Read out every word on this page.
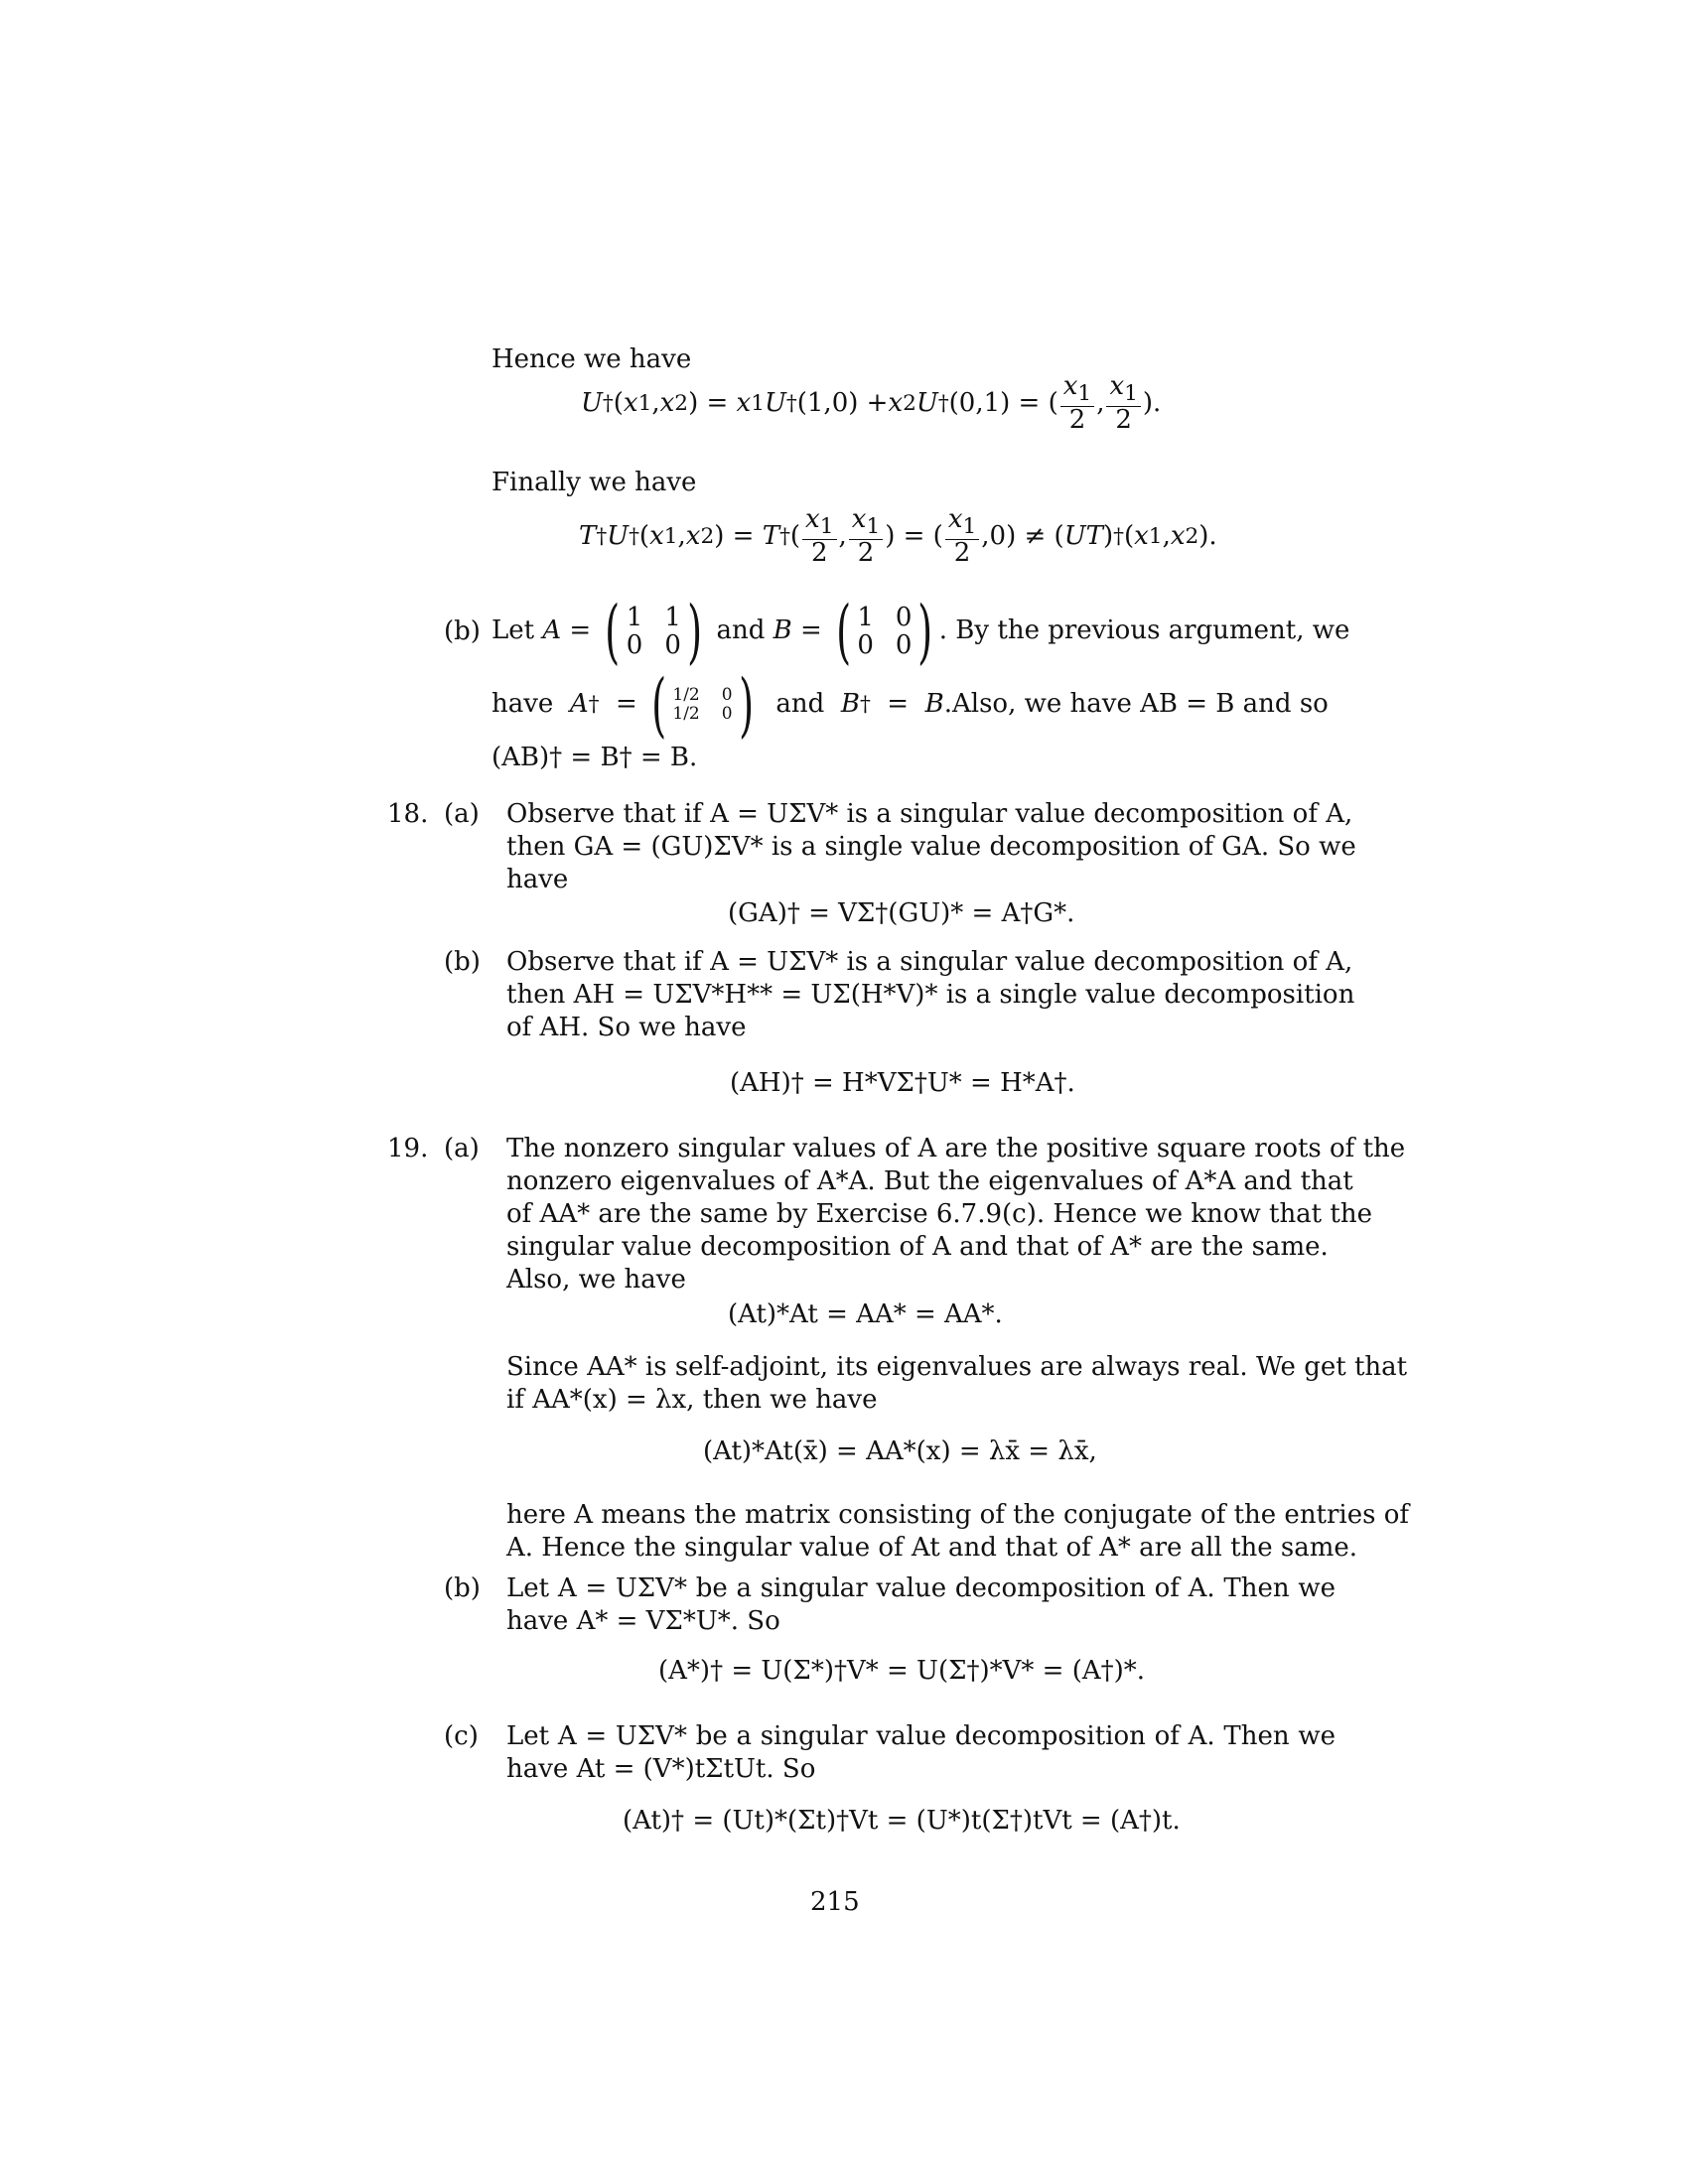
Hence we have
U † ( x 1 , x 2 ) = x 1 U † (1,0) + x 2 U † (0,1) = ( $\frac{x_1}{2}$ , $\frac{x_1}{2}$ ).
Finally we have
T † U † ( x 1 , x 2 ) = T † ( $\frac{x_1}{2}$ , $\frac{x_1}{2}$ ) = ( $\frac{x_1}{2} ,0$) ≠ ( UT ) † ( x 1 , x 2 ).
(b) Let
A = ( 1 1
0 0 )
and
B = ( 1 0
0 0 ) . By the previous argument, we
have
A † = ( 1/2 0
1/2 0 )
and
B † = B . Also, we have AB = B and so
(AB)† = B† = B.
18. (a) Observe that if A = UΣV* is a singular value decomposition of A,
then GA = (GU)ΣV* is a single value decomposition of GA. So we
have
(GA)† = VΣ†(GU)* = A†G*.
(b) Observe that if A = UΣV* is a singular value decomposition of A,
then AH = UΣV*H** = UΣ(H*V)* is a single value decomposition
of AH. So we have
(AH)† = H*VΣ†U* = H*A†.
19. (a) The nonzero singular values of A are the positive square roots of the
nonzero eigenvalues of A*A. But the eigenvalues of A*A and that
of AA* are the same by Exercise 6.7.9(c). Hence we know that the
singular value decomposition of A and that of A* are the same.
Also, we have
(At)*At = AA* = AA*.
Since AA* is self-adjoint, its eigenvalues are always real. We get that
if AA*(x) = λx, then we have
(At)*At(x̄) = AA*(x) = λx̄ = λx̄,
here A means the matrix consisting of the conjugate of the entries of
A. Hence the singular value of At and that of A* are all the same.
(b) Let A = UΣV* be a singular value decomposition of A. Then we
have A* = VΣ*U*. So
(A*)† = U(Σ*)†V* = U(Σ†)*V* = (A†)*.
(c) Let A = UΣV* be a singular value decomposition of A. Then we
have At = (V*)tΣtUt. So
(At)† = (Ut)*(Σt)†Vt = (U*)t(Σ†)tVt = (A†)t.
215
